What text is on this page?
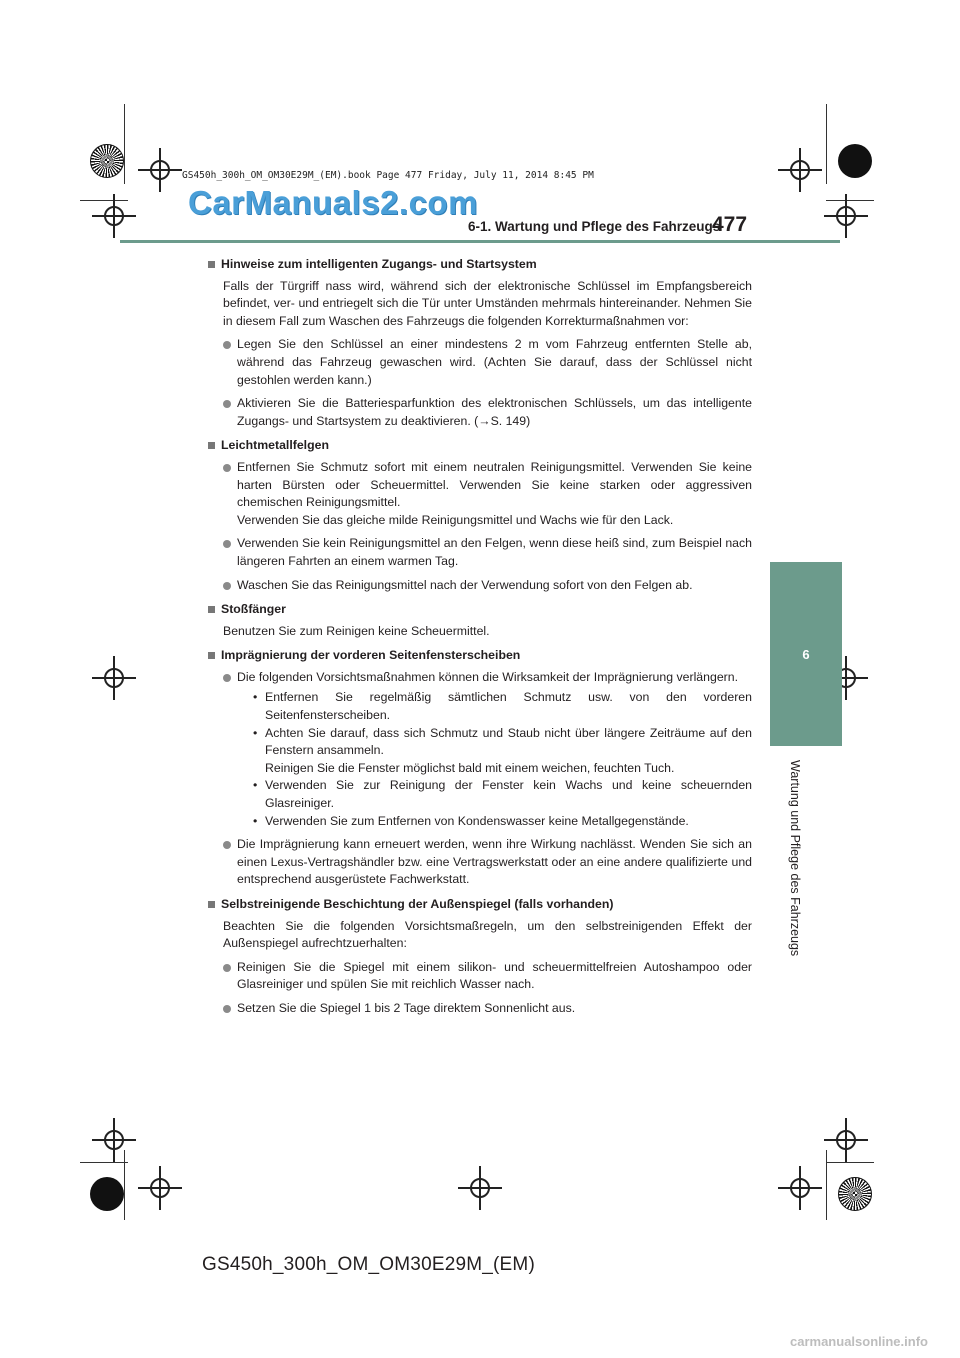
GS450h_300h_OM_OM30E29M_(EM).book Page 477 Friday, July 11, 2014 8:45 PM
CarManuals2.com
6-1. Wartung und Pflege des Fahrzeugs
477
6
Wartung und Pflege des Fahrzeugs
Hinweise zum intelligenten Zugangs- und Startsystem
Falls der Türgriff nass wird, während sich der elektronische Schlüssel im Empfangsbereich befindet, ver- und entriegelt sich die Tür unter Umständen mehrmals hintereinander. Nehmen Sie in diesem Fall zum Waschen des Fahrzeugs die folgenden Korrekturmaßnahmen vor:
Legen Sie den Schlüssel an einer mindestens 2 m vom Fahrzeug entfernten Stelle ab, während das Fahrzeug gewaschen wird. (Achten Sie darauf, dass der Schlüssel nicht gestohlen werden kann.)
Aktivieren Sie die Batteriesparfunktion des elektronischen Schlüssels, um das intelligente Zugangs- und Startsystem zu deaktivieren. (→S. 149)
Leichtmetallfelgen
Entfernen Sie Schmutz sofort mit einem neutralen Reinigungsmittel. Verwenden Sie keine harten Bürsten oder Scheuermittel. Verwenden Sie keine starken oder aggressiven chemischen Reinigungsmittel.
Verwenden Sie das gleiche milde Reinigungsmittel und Wachs wie für den Lack.
Verwenden Sie kein Reinigungsmittel an den Felgen, wenn diese heiß sind, zum Beispiel nach längeren Fahrten an einem warmen Tag.
Waschen Sie das Reinigungsmittel nach der Verwendung sofort von den Felgen ab.
Stoßfänger
Benutzen Sie zum Reinigen keine Scheuermittel.
Imprägnierung der vorderen Seitenfensterscheiben
Die folgenden Vorsichtsmaßnahmen können die Wirksamkeit der Imprägnierung verlängern.
• Entfernen Sie regelmäßig sämtlichen Schmutz usw. von den vorderen Seitenfensterscheiben.
• Achten Sie darauf, dass sich Schmutz und Staub nicht über längere Zeiträume auf den Fenstern ansammeln.
Reinigen Sie die Fenster möglichst bald mit einem weichen, feuchten Tuch.
• Verwenden Sie zur Reinigung der Fenster kein Wachs und keine scheuernden Glasreiniger.
• Verwenden Sie zum Entfernen von Kondenswasser keine Metallgegenstände.
Die Imprägnierung kann erneuert werden, wenn ihre Wirkung nachlässt. Wenden Sie sich an einen Lexus-Vertragshändler bzw. eine Vertragswerkstatt oder an eine andere qualifizierte und entsprechend ausgerüstete Fachwerkstatt.
Selbstreinigende Beschichtung der Außenspiegel (falls vorhanden)
Beachten Sie die folgenden Vorsichtsmaßregeln, um den selbstreinigenden Effekt der Außenspiegel aufrechtzuerhalten:
Reinigen Sie die Spiegel mit einem silikon- und scheuermittelfreien Autoshampoo oder Glasreiniger und spülen Sie mit reichlich Wasser nach.
Setzen Sie die Spiegel 1 bis 2 Tage direktem Sonnenlicht aus.
GS450h_300h_OM_OM30E29M_(EM)
carmanualsonline.info
